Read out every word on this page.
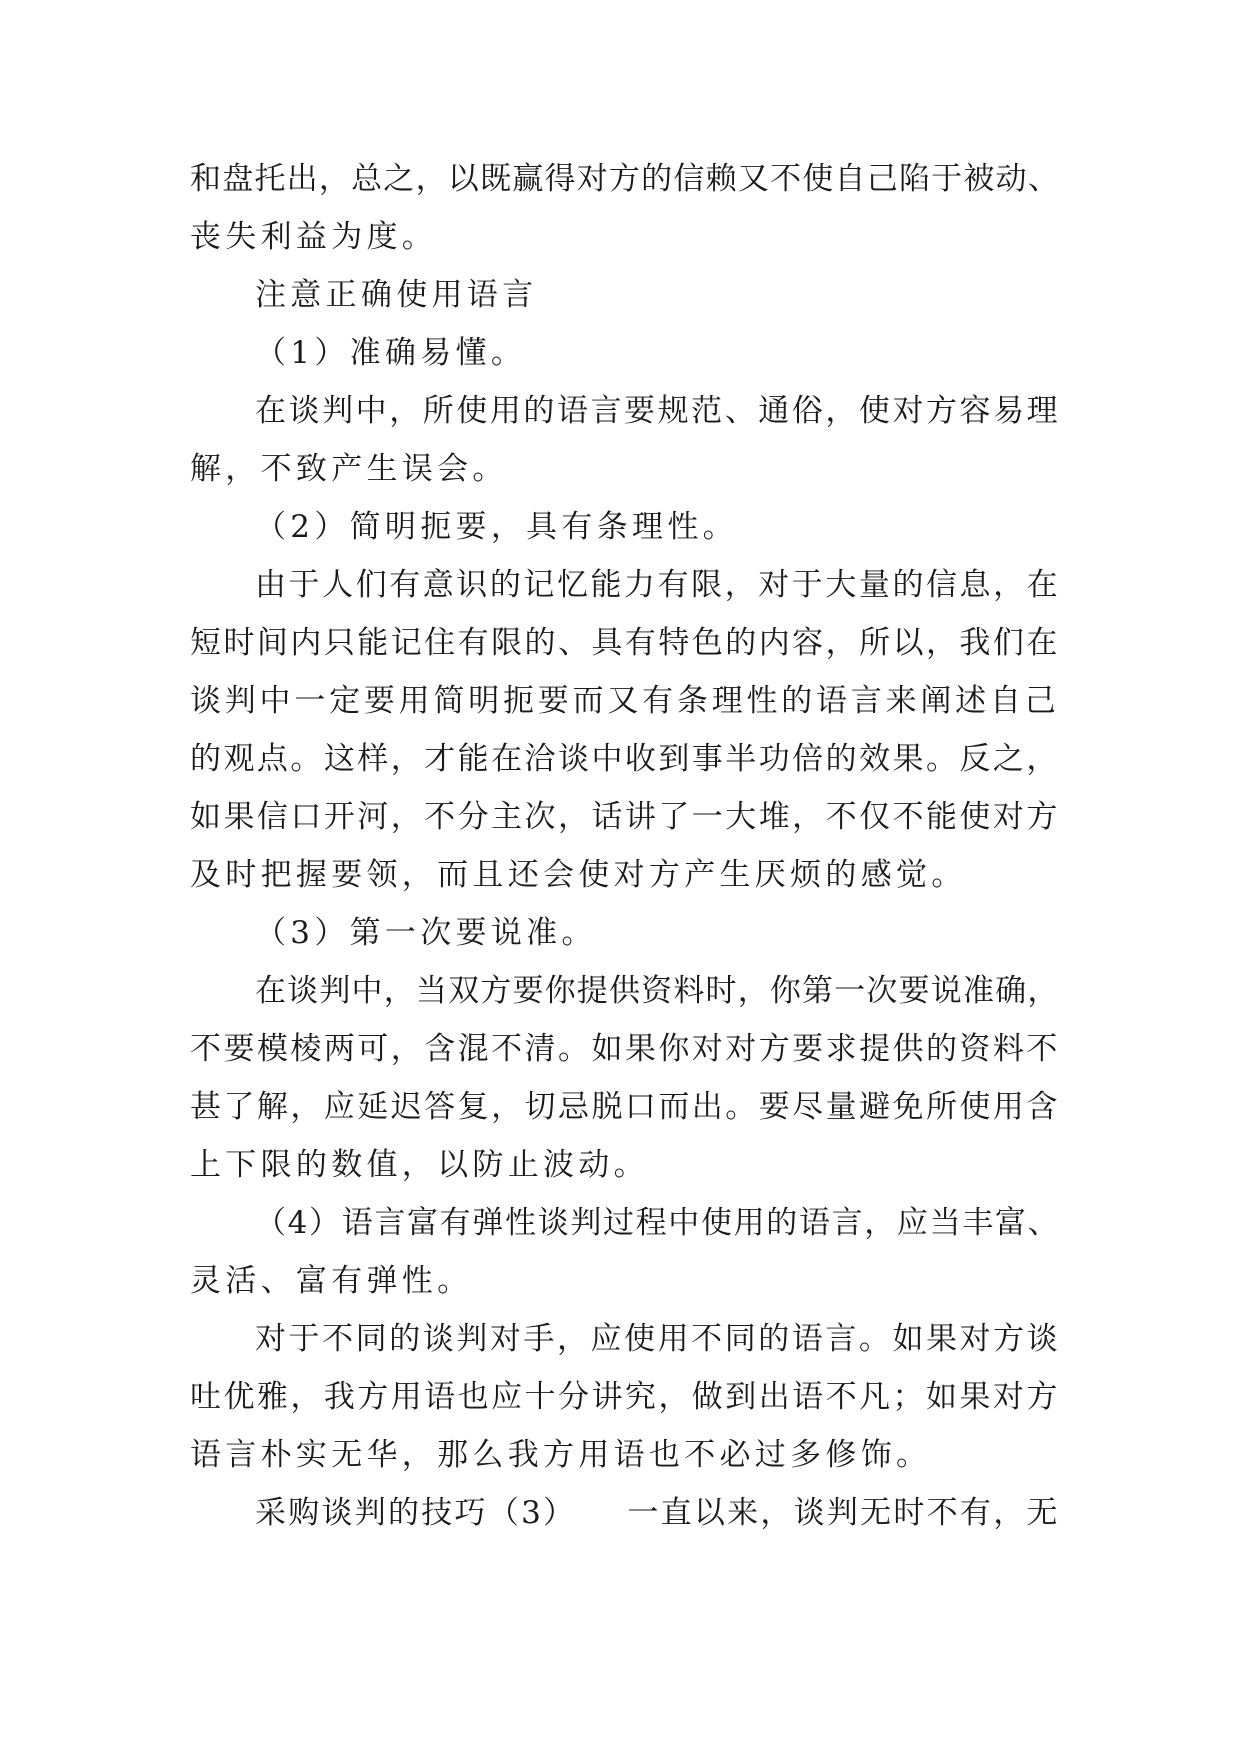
和盘托出，总之，以既赢得对方的信赖又不使自己陷于被动、
丧失利益为度。
注意正确使用语言
（1）准确易懂。
在谈判中，所使用的语言要规范、通俗，使对方容易理
解，不致产生误会。
（2）简明扼要，具有条理性。
由于人们有意识的记忆能力有限，对于大量的信息，在
短时间内只能记住有限的、具有特色的内容，所以，我们在
谈判中一定要用简明扼要而又有条理性的语言来阐述自己
的观点。这样，才能在洽谈中收到事半功倍的效果。反之，
如果信口开河，不分主次，话讲了一大堆，不仅不能使对方
及时把握要领，而且还会使对方产生厌烦的感觉。
（3）第一次要说准。
在谈判中，当双方要你提供资料时，你第一次要说准确，
不要模棱两可，含混不清。如果你对对方要求提供的资料不
甚了解，应延迟答复，切忌脱口而出。要尽量避免所使用含
上下限的数值，以防止波动。
（4）语言富有弹性谈判过程中使用的语言，应当丰富、
灵活、富有弹性。
对于不同的谈判对手，应使用不同的语言。如果对方谈
吐优雅，我方用语也应十分讲究，做到出语不凡；如果对方
语言朴实无华，那么我方用语也不必过多修饰。
采购谈判的技巧（3）　　一直以来，谈判无时不有，无
